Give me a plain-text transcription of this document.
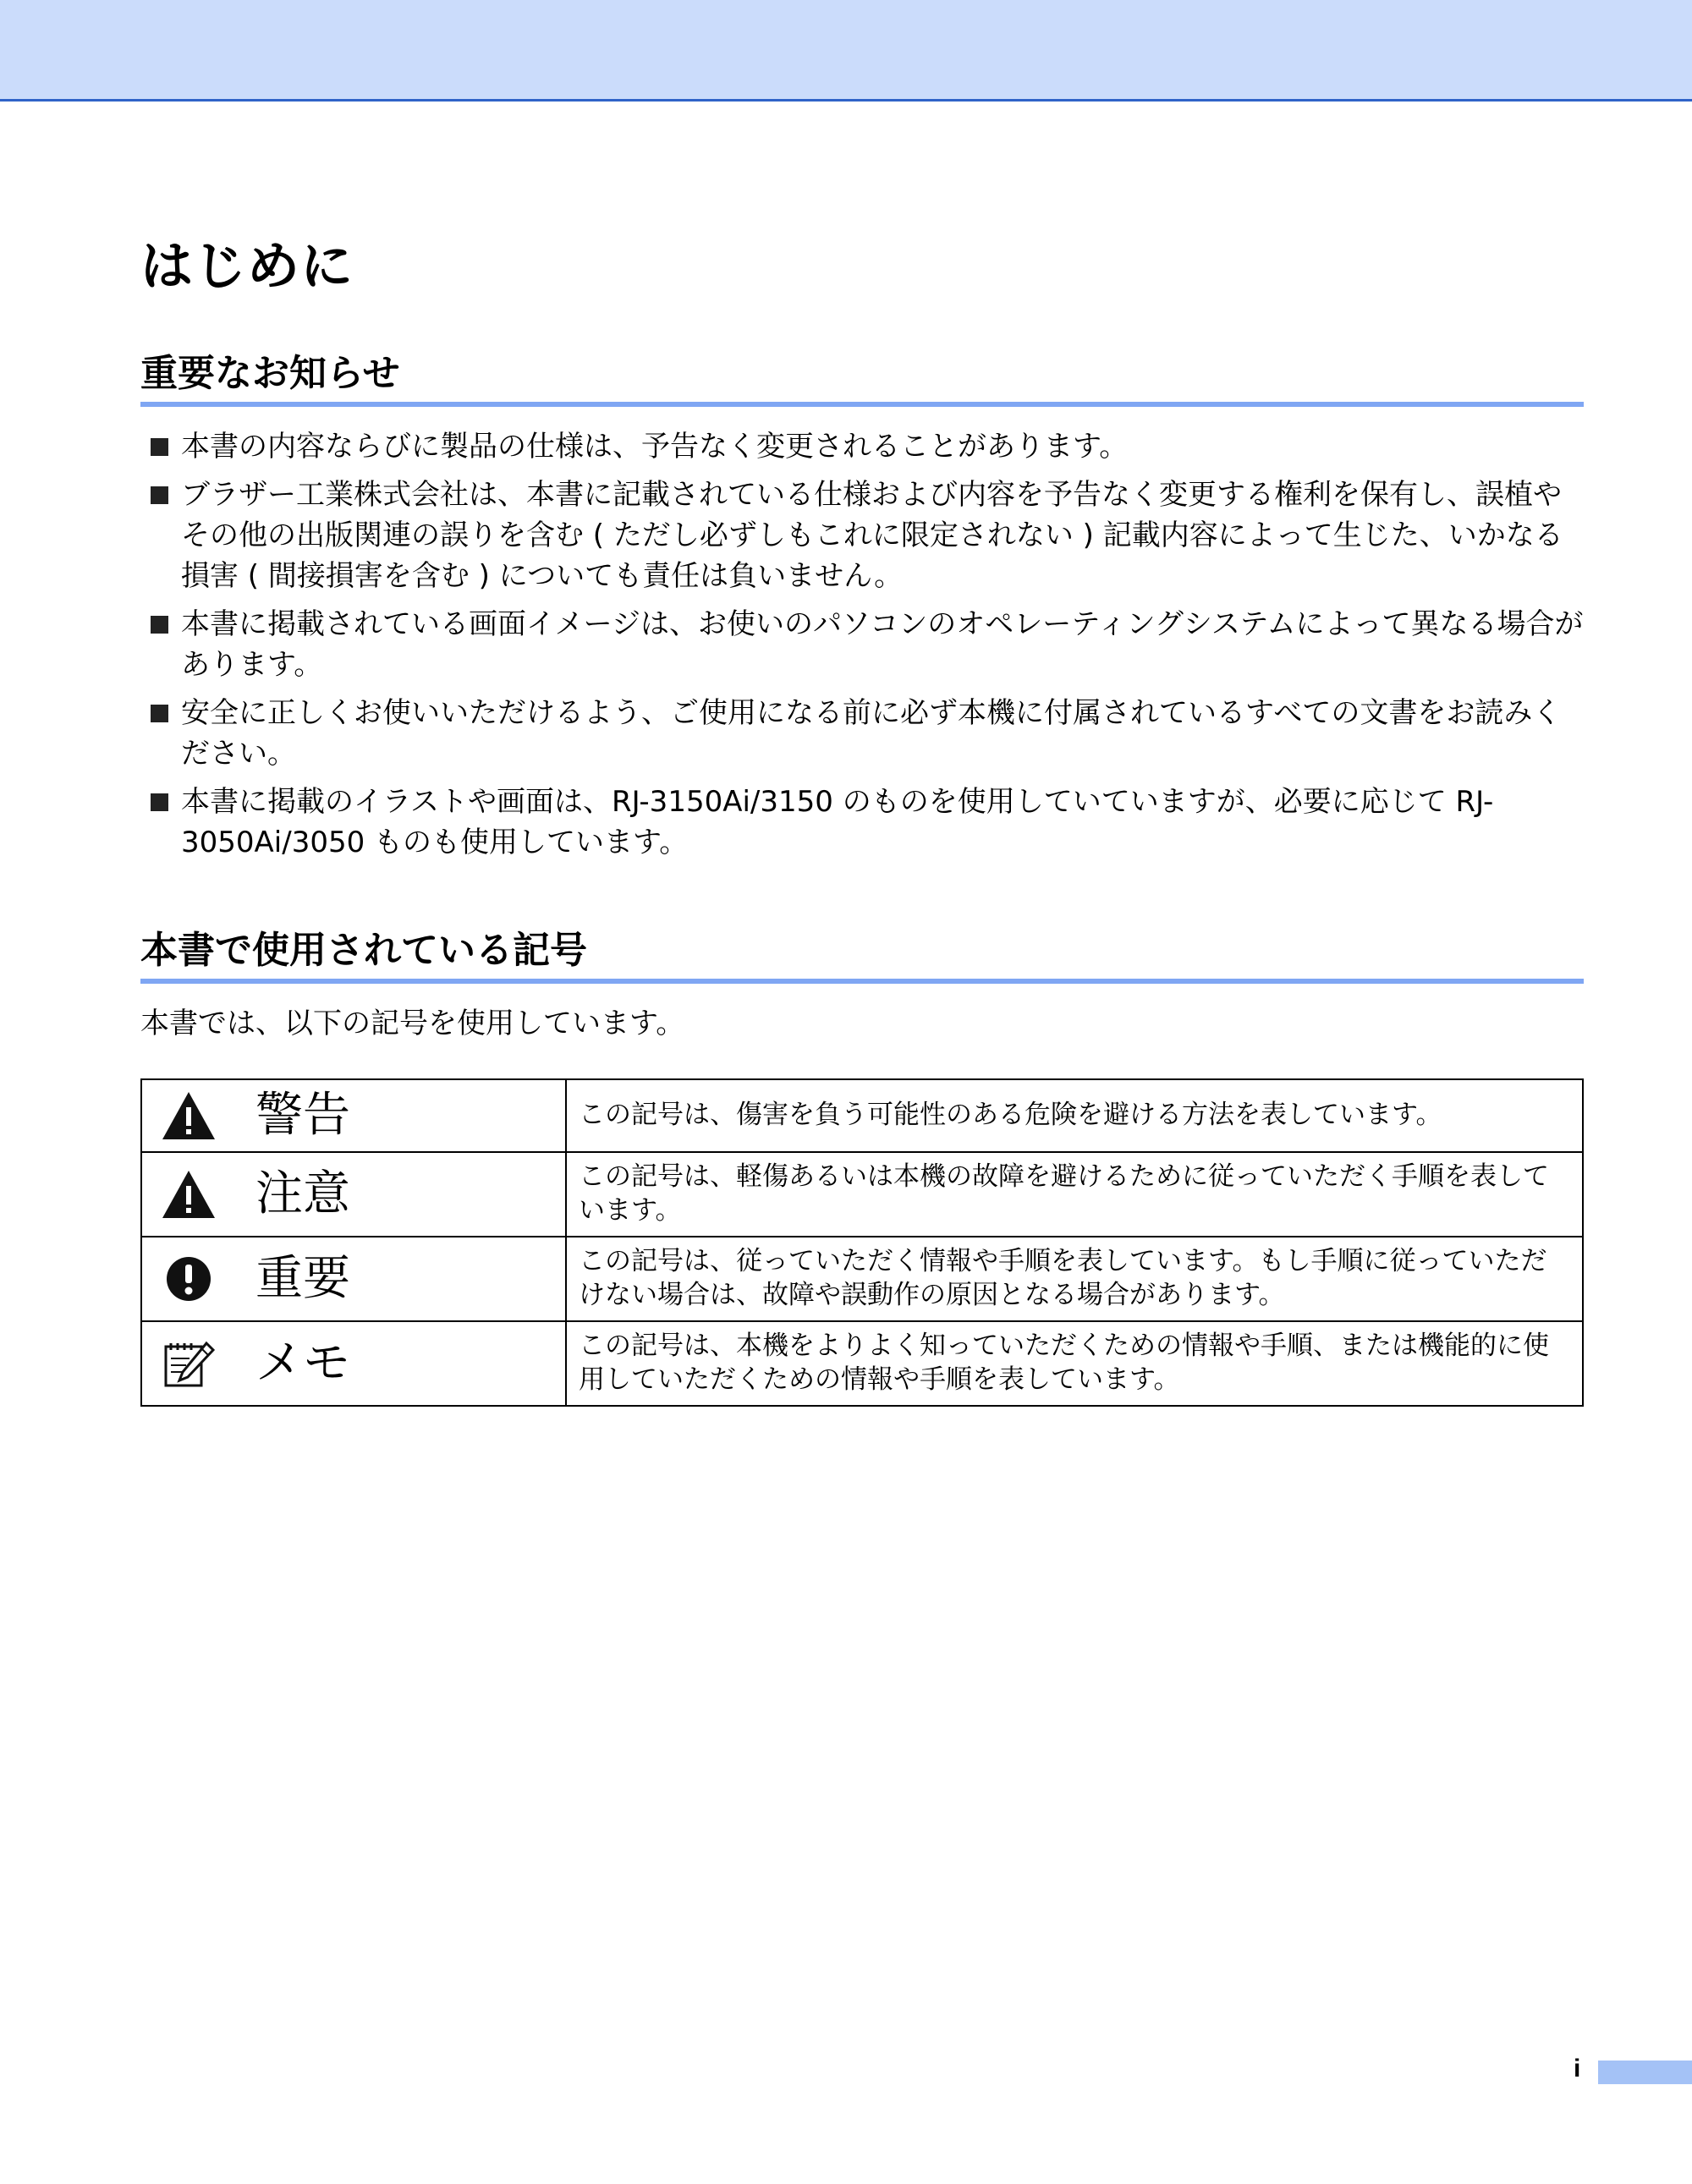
はじめに
重要なお知らせ
本書の内容ならびに製品の仕様は、予告なく変更されることがあります。
ブラザー工業株式会社は、本書に記載されている仕様および内容を予告なく変更する権利を保有し、誤植やその他の出版関連の誤りを含む ( ただし必ずしもこれに限定されない ) 記載内容によって生じた、いかなる損害 ( 間接損害を含む ) についても責任は負いません。
本書に掲載されている画面イメージは、お使いのパソコンのオペレーティングシステムによって異なる場合があります。
安全に正しくお使いいただけるよう、ご使用になる前に必ず本機に付属されているすべての文書をお読みください。
本書に掲載のイラストや画面は、RJ-3150Ai/3150 のものを使用していていますが、必要に応じて RJ-3050Ai/3050 ものも使用しています。
本書で使用されている記号

本書では、以下の記号を使用しています。

警告	この記号は、傷害を負う可能性のある危険を避ける方法を表しています。

注意	この記号は、軽傷あるいは本機の故障を避けるために従っていただく手順を表しています。

重要	この記号は、従っていただく情報や手順を表しています。もし手順に従っていただけない場合は、故障や誤動作の原因となる場合があります。

メモ	この記号は、本機をよりよく知っていただくための情報や手順、または機能的に使用していただくための情報や手順を表しています。
i
